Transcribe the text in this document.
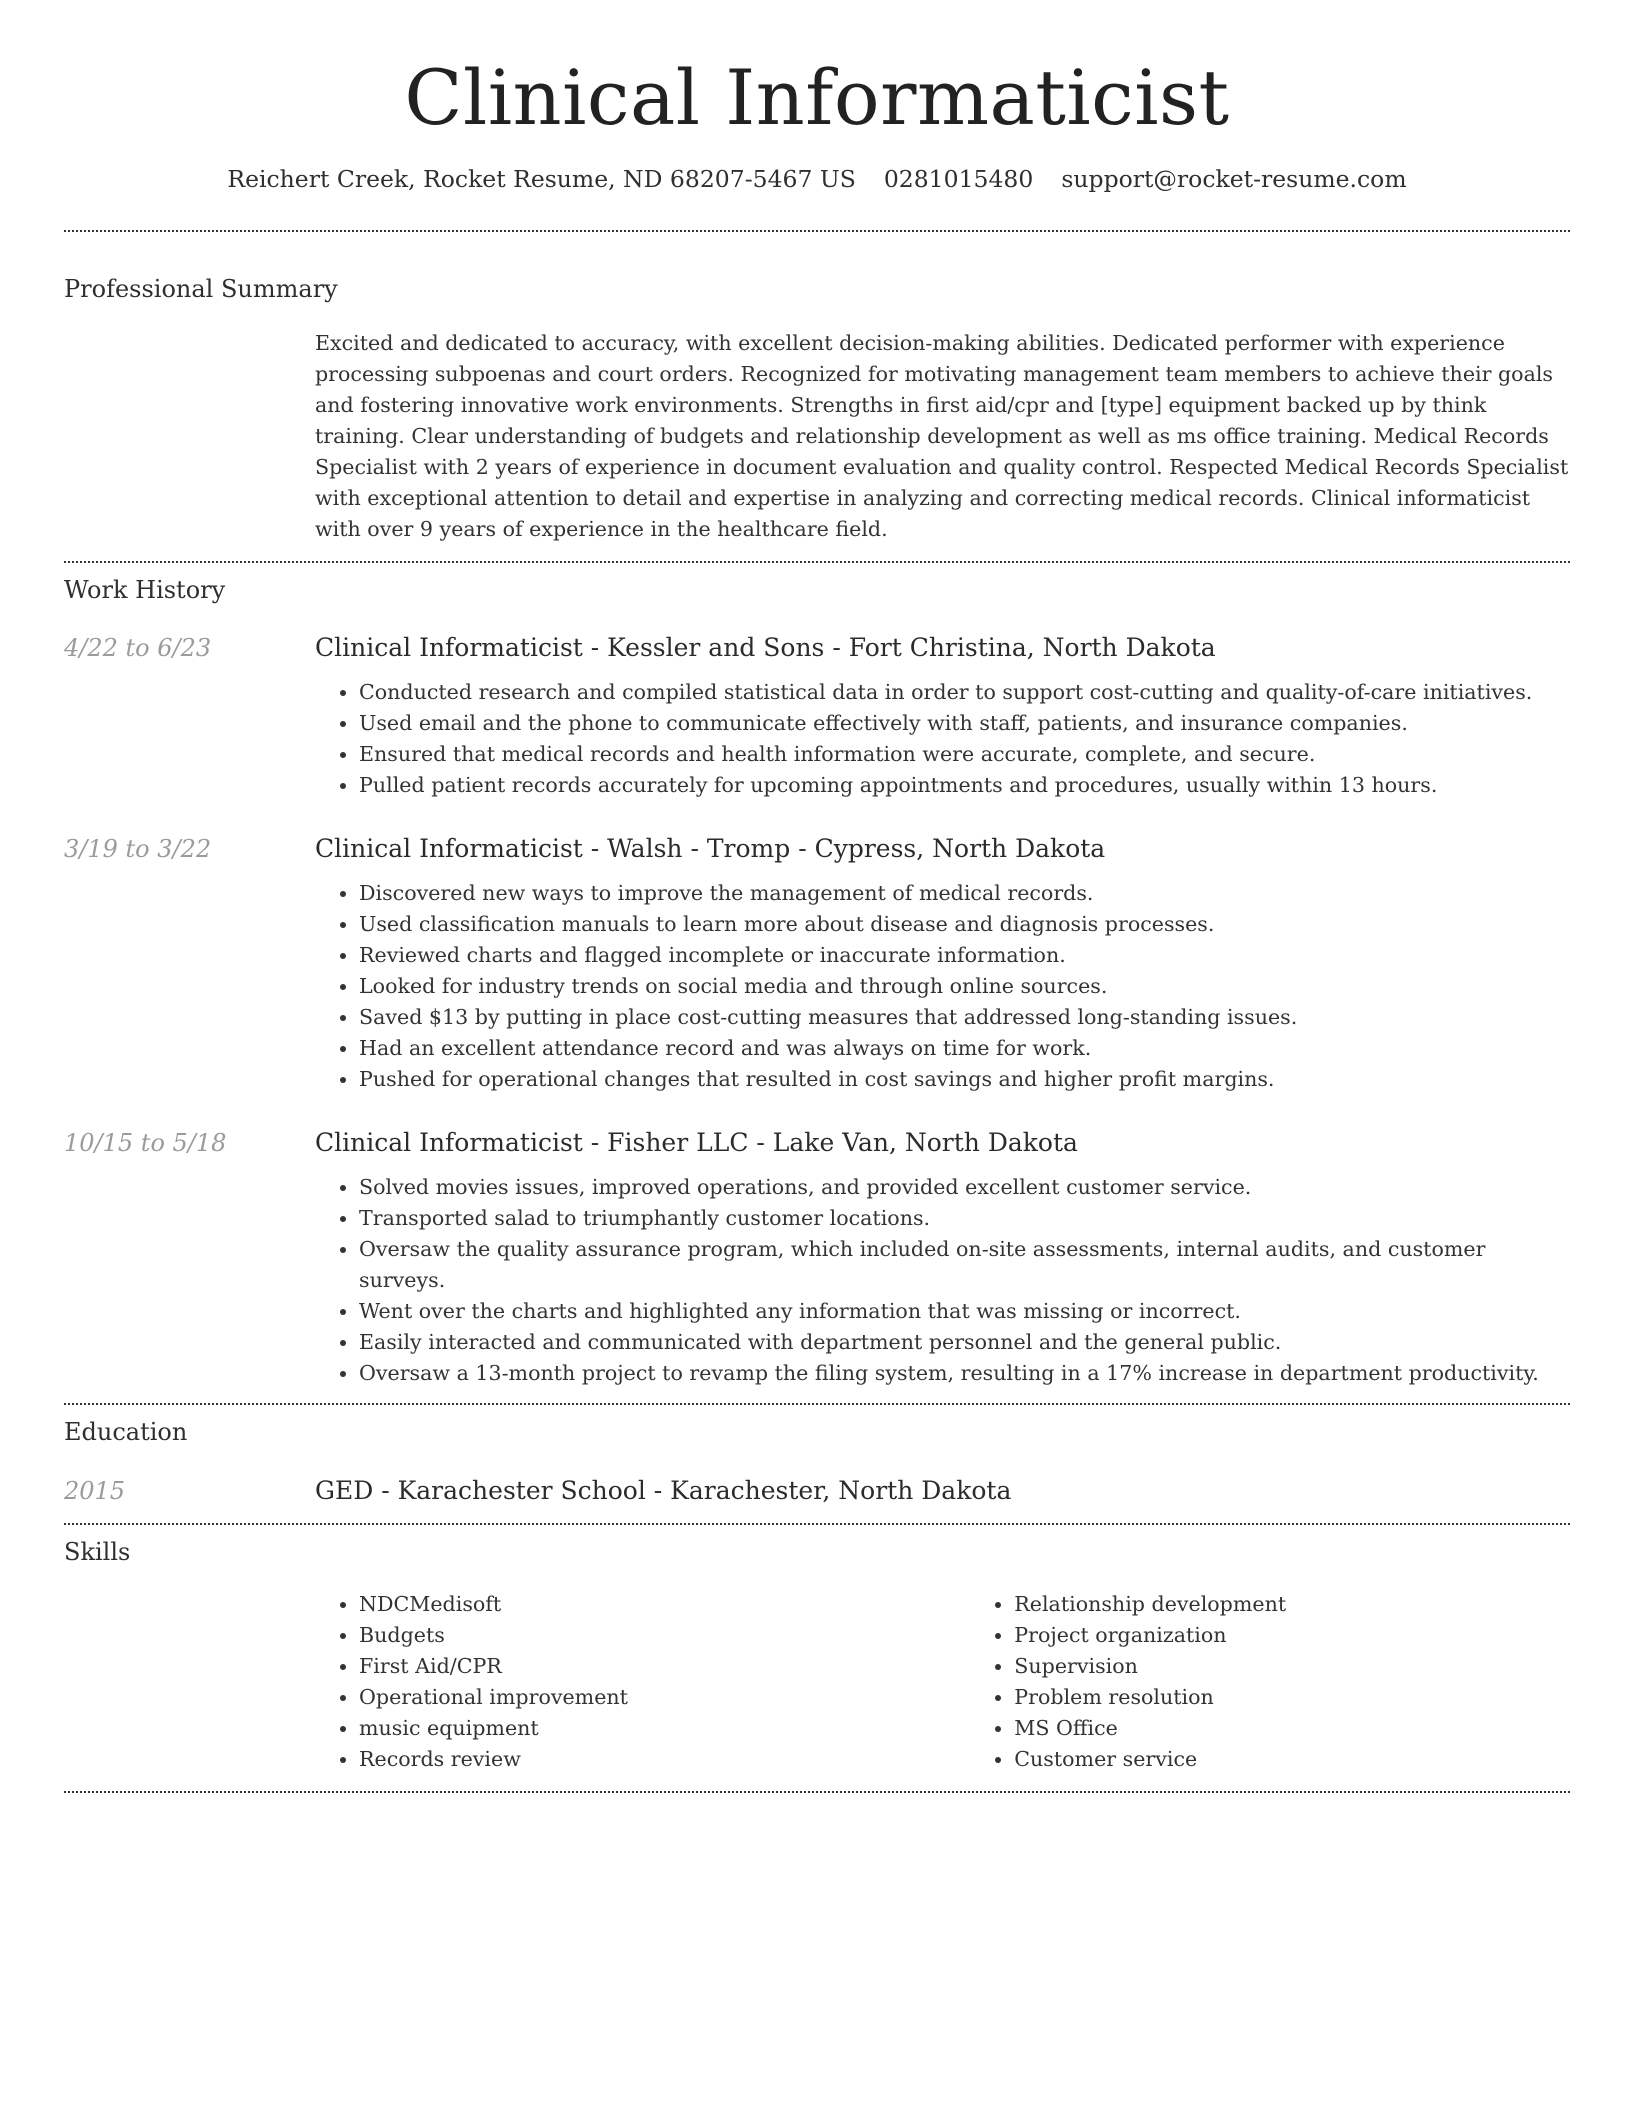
Clinical Informaticist
Reichert Creek, Rocket Resume, ND 68207-5467 US 0281015480 support@rocket-resume.com
Professional Summary

Excited and dedicated to accuracy, with excellent decision-making abilities. Dedicated performer with experience processing subpoenas and court orders. Recognized for motivating management team members to achieve their goals and fostering innovative work environments. Strengths in first aid/cpr and [type] equipment backed up by think training. Clear understanding of budgets and relationship development as well as ms office training. Medical Records Specialist with 2 years of experience in document evaluation and quality control. Respected Medical Records Specialist with exceptional attention to detail and expertise in analyzing and correcting medical records. Clinical informaticist with over 9 years of experience in the healthcare field.

Work History
4/22 to 6/23	Clinical Informaticist - Kessler and Sons - Fort Christina, North Dakota
• Conducted research and compiled statistical data in order to support cost-cutting and quality-of-care initiatives.
• Used email and the phone to communicate effectively with staff, patients, and insurance companies.
• Ensured that medical records and health information were accurate, complete, and secure.
• Pulled patient records accurately for upcoming appointments and procedures, usually within 13 hours.
3/19 to 3/22	Clinical Informaticist - Walsh - Tromp - Cypress, North Dakota
• Discovered new ways to improve the management of medical records.
• Used classification manuals to learn more about disease and diagnosis processes.
• Reviewed charts and flagged incomplete or inaccurate information.
• Looked for industry trends on social media and through online sources.
• Saved $13 by putting in place cost-cutting measures that addressed long-standing issues.
• Had an excellent attendance record and was always on time for work.
• Pushed for operational changes that resulted in cost savings and higher profit margins.
10/15 to 5/18	Clinical Informaticist - Fisher LLC - Lake Van, North Dakota
• Solved movies issues, improved operations, and provided excellent customer service.
• Transported salad to triumphantly customer locations.
• Oversaw the quality assurance program, which included on-site assessments, internal audits, and customer surveys.
• Went over the charts and highlighted any information that was missing or incorrect.
• Easily interacted and communicated with department personnel and the general public.
• Oversaw a 13-month project to revamp the filing system, resulting in a 17% increase in department productivity.
Education
2015	GED - Karachester School - Karachester, North Dakota
Skills
• NDCMedisoft
• Budgets
• First Aid/CPR
• Operational improvement
• music equipment
• Records review
• Relationship development
• Project organization
• Supervision
• Problem resolution
• MS Office
• Customer service
